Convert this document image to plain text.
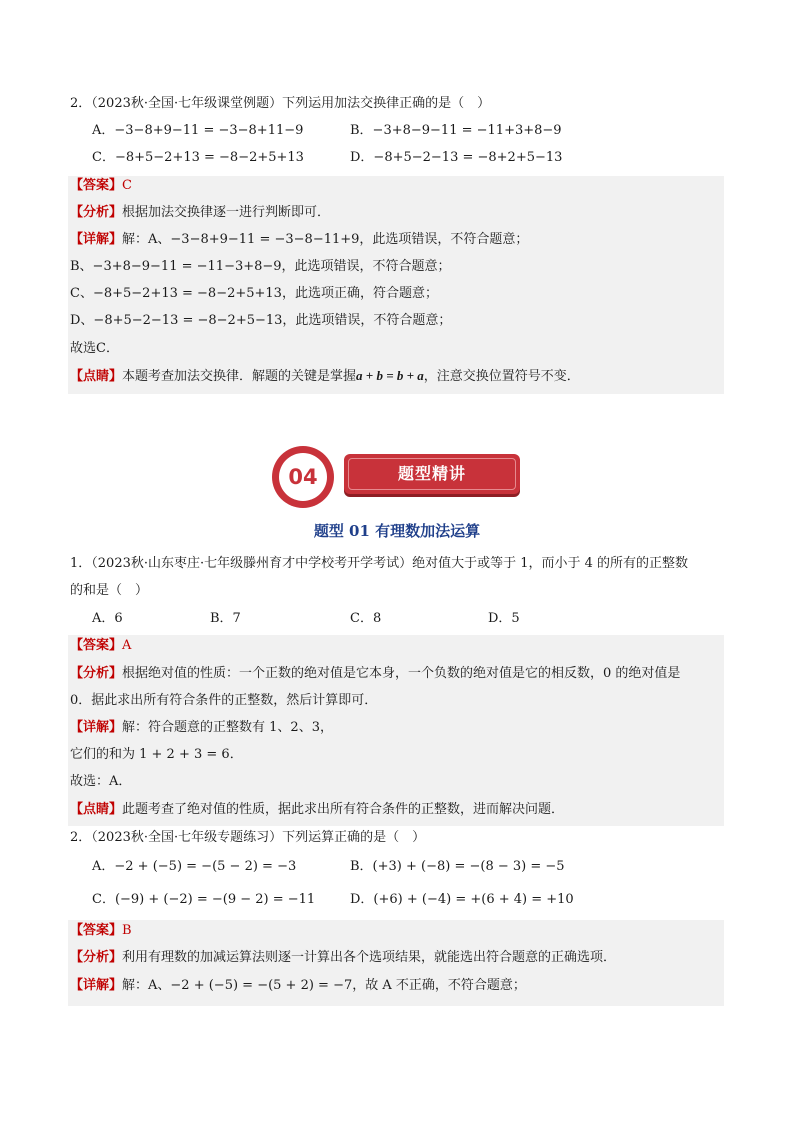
2．（2023秋·全国·七年级课堂例题）下列运用加法交换律正确的是（　）
A．−3−8+9−11 = −3−8+11−9	B．−3+8−9−11 = −11+3+8−9
C．−8+5−2+13 = −8−2+5+13	D．−8+5−2−13 = −8+2+5−13
【答案】C
【分析】根据加法交换律逐一进行判断即可．
【详解】解：A、−3−8+9−11 = −3−8−11+9，此选项错误，不符合题意；
B、−3+8−9−11 = −11−3+8−9，此选项错误，不符合题意；
C、−8+5−2+13 = −8−2+5+13，此选项正确，符合题意；
D、−8+5−2−13 = −8−2+5−13，此选项错误，不符合题意；
故选C．
【点睛】本题考查加法交换律．解题的关键是掌握a + b = b + a，注意交换位置符号不变．
04	题型精讲
题型 01 有理数加法运算
1．（2023秋·山东枣庄·七年级滕州育才中学校考开学考试）绝对值大于或等于 1，而小于 4 的所有的正整数
的和是（　）
A．6	B．7	C．8	D．5
【答案】A
【分析】根据绝对值的性质：一个正数的绝对值是它本身，一个负数的绝对值是它的相反数，0 的绝对值是
0．据此求出所有符合条件的正整数，然后计算即可．
【详解】解：符合题意的正整数有 1、2、3，
它们的和为 1 + 2 + 3 = 6．
故选：A．
【点睛】此题考查了绝对值的性质，据此求出所有符合条件的正整数，进而解决问题．
2．（2023秋·全国·七年级专题练习）下列运算正确的是（　）
A．−2 + (−5) = −(5 − 2) = −3	B．(+3) + (−8) = −(8 − 3) = −5
C．(−9) + (−2) = −(9 − 2) = −11	D．(+6) + (−4) = +(6 + 4) = +10
【答案】B
【分析】利用有理数的加减运算法则逐一计算出各个选项结果，就能选出符合题意的正确选项．
【详解】解：A、−2 + (−5) = −(5 + 2) = −7，故 A 不正确，不符合题意；
